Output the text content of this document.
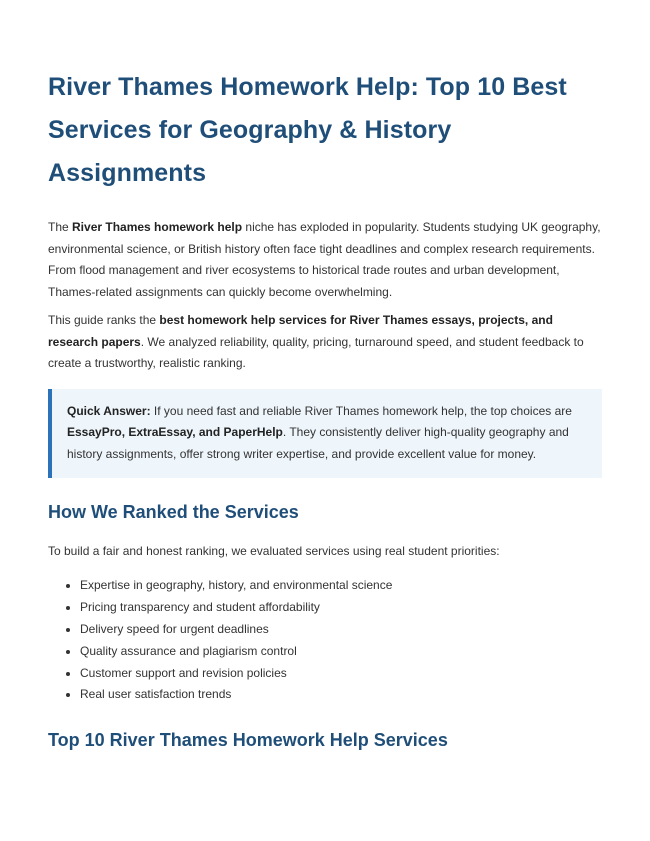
River Thames Homework Help: Top 10 Best Services for Geography & History Assignments

The River Thames homework help niche has exploded in popularity. Students studying UK geography, environmental science, or British history often face tight deadlines and complex research requirements. From flood management and river ecosystems to historical trade routes and urban development, Thames-related assignments can quickly become overwhelming.

This guide ranks the best homework help services for River Thames essays, projects, and research papers. We analyzed reliability, quality, pricing, turnaround speed, and student feedback to create a trustworthy, realistic ranking.

Quick Answer: If you need fast and reliable River Thames homework help, the top choices are EssayPro, ExtraEssay, and PaperHelp. They consistently deliver high-quality geography and history assignments, offer strong writer expertise, and provide excellent value for money.

How We Ranked the Services

To build a fair and honest ranking, we evaluated services using real student priorities:

• Expertise in geography, history, and environmental science
• Pricing transparency and student affordability
• Delivery speed for urgent deadlines
• Quality assurance and plagiarism control
• Customer support and revision policies
• Real user satisfaction trends
Top 10 River Thames Homework Help Services
